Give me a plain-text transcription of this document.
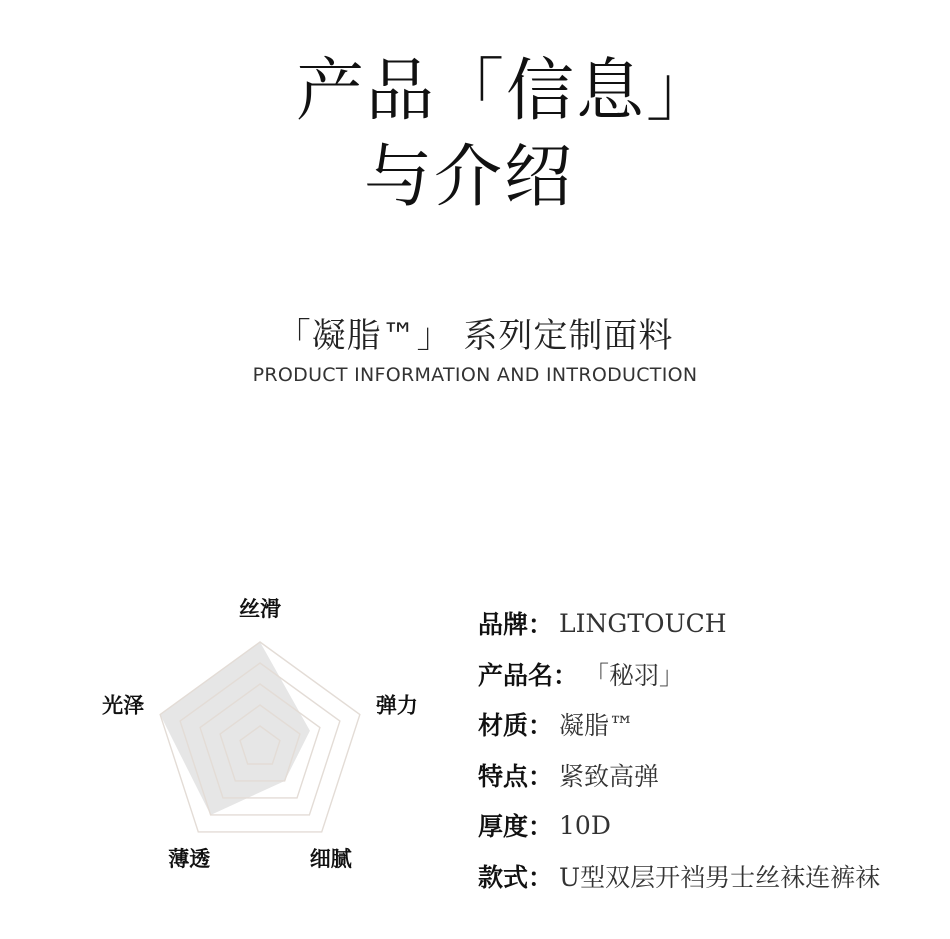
产品「信息」
与介绍
「凝脂™」 系列定制面料
PRODUCT INFORMATION AND INTRODUCTION
丝滑
弹力
细腻
薄透
光泽
品牌： LINGTOUCH
产品名： 「秘羽」
材质： 凝脂™
特点： 紧致高弹
厚度： 10D
款式： U型双层开裆男士丝袜连裤袜
